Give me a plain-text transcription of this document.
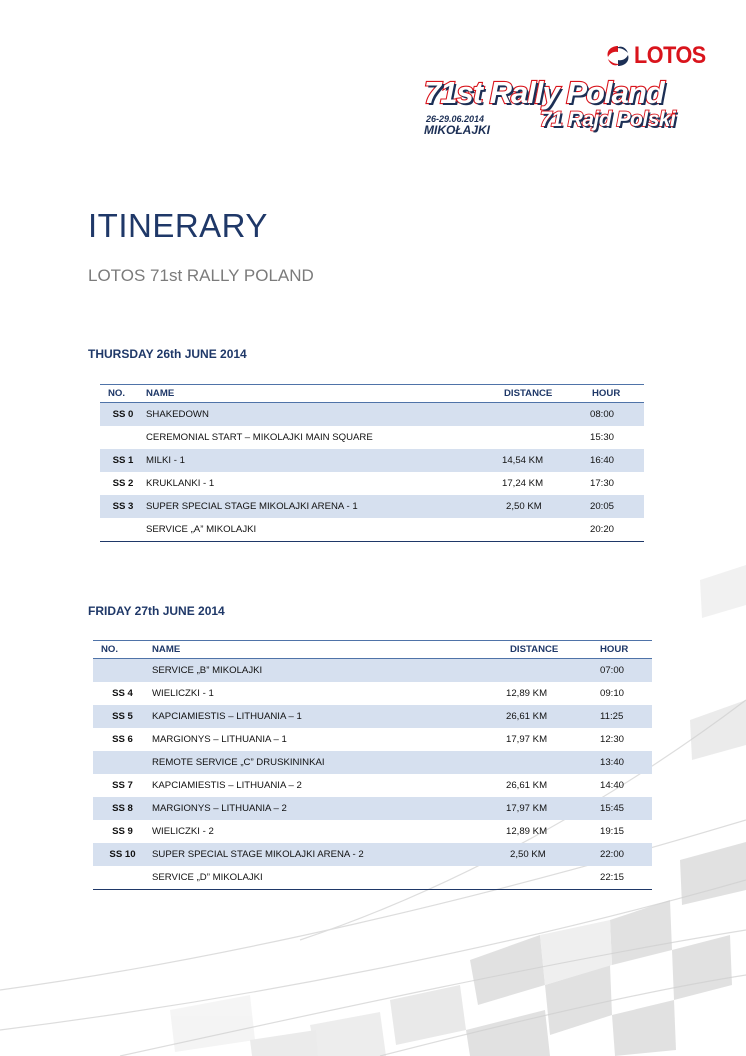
LOTOS
71st Rally Poland
26-29.06.2014
MIKOŁAJKI 71 Rajd Polski
ITINERARY
LOTOS 71st RALLY POLAND
THURSDAY 26th JUNE 2014
NO.	NAME	DISTANCE	HOUR
SS 0	SHAKEDOWN		08:00
	CEREMONIAL START – MIKOLAJKI MAIN SQUARE		15:30
SS 1	MILKI - 1	14,54 KM	16:40
SS 2	KRUKLANKI - 1	17,24 KM	17:30
SS 3	SUPER SPECIAL STAGE MIKOLAJKI ARENA - 1	2,50 KM	20:05
	SERVICE „A” MIKOLAJKI		20:20
FRIDAY 27th JUNE 2014
NO.	NAME	DISTANCE	HOUR
	SERVICE „B” MIKOLAJKI		07:00
SS 4	WIELICZKI - 1	12,89 KM	09:10
SS 5	KAPCIAMIESTIS – LITHUANIA – 1	26,61 KM	11:25
SS 6	MARGIONYS – LITHUANIA – 1	17,97 KM	12:30
	REMOTE SERVICE „C” DRUSKININKAI		13:40
SS 7	KAPCIAMIESTIS – LITHUANIA – 2	26,61 KM	14:40
SS 8	MARGIONYS – LITHUANIA – 2	17,97 KM	15:45
SS 9	WIELICZKI - 2	12,89 KM	19:15
SS 10	SUPER SPECIAL STAGE MIKOLAJKI ARENA - 2	2,50 KM	22:00
	SERVICE „D” MIKOLAJKI		22:15
